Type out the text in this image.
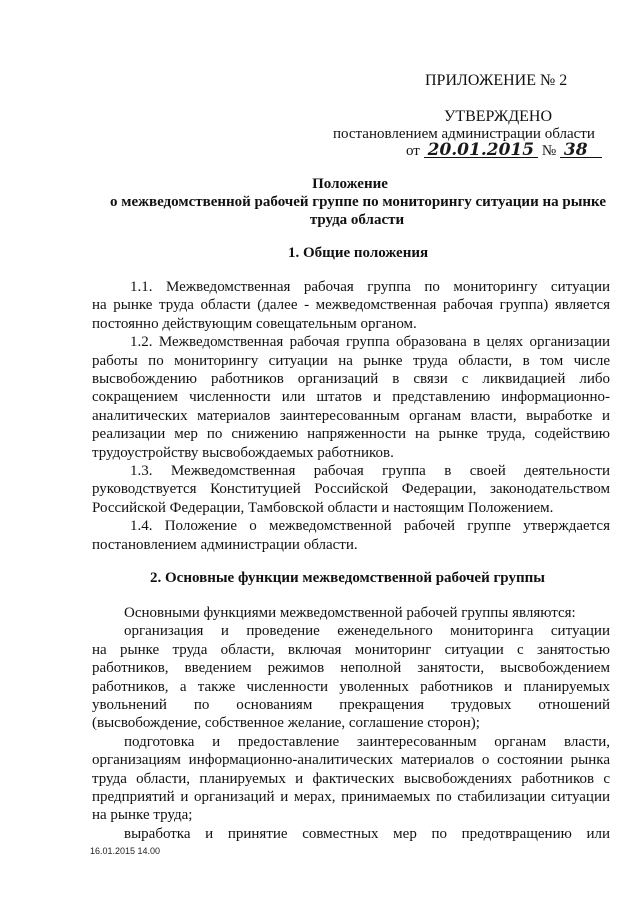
ПРИЛОЖЕНИЕ № 2
УТВЕРЖДЕНО
постановлением администрации области
от 20.01.2015 № 38
Положение
о межведомственной рабочей группе по мониторингу ситуации на рынке
труда области
1. Общие положения
1.1. Межведомственная рабочая группа по мониторингу ситуации
на рынке труда области (далее - межведомственная рабочая группа) является
постоянно действующим совещательным органом.
1.2. Межведомственная рабочая группа образована в целях организации
работы по мониторингу ситуации на рынке труда области, в том числе
высвобождению работников организаций в связи с ликвидацией либо
сокращением численности или штатов и представлению информационно-
аналитических материалов заинтересованным органам власти, выработке и
реализации мер по снижению напряженности на рынке труда, содействию
трудоустройству высвобождаемых работников.
1.3. Межведомственная рабочая группа в своей деятельности
руководствуется Конституцией Российской Федерации, законодательством
Российской Федерации, Тамбовской области и настоящим Положением.
1.4. Положение о межведомственной рабочей группе утверждается
постановлением администрации области.
2. Основные функции межведомственной рабочей группы
Основными функциями межведомственной рабочей группы являются:
организация и проведение еженедельного мониторинга ситуации
на рынке труда области, включая мониторинг ситуации с занятостью
работников, введением режимов неполной занятости, высвобождением
работников, а также численности уволенных работников и планируемых
увольнений по основаниям прекращения трудовых отношений
(высвобождение, собственное желание, соглашение сторон);
подготовка и предоставление заинтересованным органам власти,
организациям информационно-аналитических материалов о состоянии рынка
труда области, планируемых и фактических высвобождениях работников с
предприятий и организаций и мерах, принимаемых по стабилизации ситуации
на рынке труда;
выработка и принятие совместных мер по предотвращению или
16.01.2015 14.00
